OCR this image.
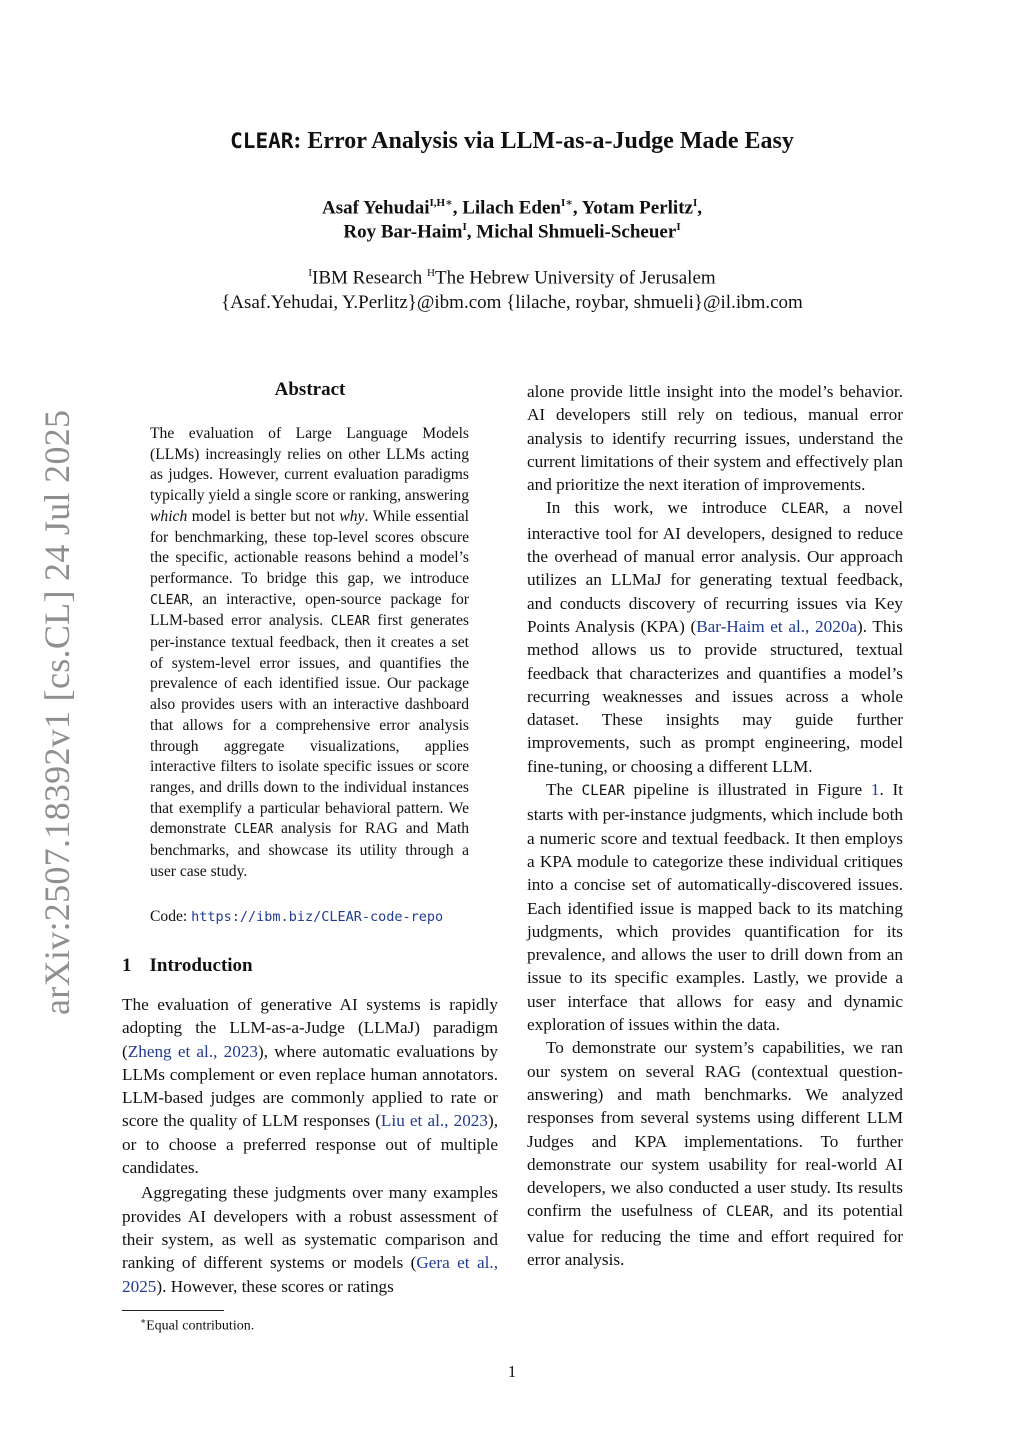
arXiv:2507.18392v1 [cs.CL] 24 Jul 2025
CLEAR: Error Analysis via LLM-as-a-Judge Made Easy
Asaf Yehudai$^{I,H∗}$, Lilach Eden$^{I∗}$, Yotam Perlitz$^I$,
Roy Bar-Haim$^I$, Michal Shmueli-Scheuer$^I$
$^I$IBM Research $^H$The Hebrew University of Jerusalem
{Asaf.Yehudai, Y.Perlitz}@ibm.com {lilache, roybar, shmueli}@il.ibm.com
Abstract
The evaluation of Large Language Models (LLMs) increasingly relies on other LLMs acting as judges. However, current evaluation paradigms typically yield a single score or ranking, answering which model is better but not why. While essential for benchmarking, these top-level scores obscure the specific, actionable reasons behind a model’s performance. To bridge this gap, we introduce CLEAR, an interactive, open-source package for LLM-based error analysis. CLEAR first generates per-instance textual feedback, then it creates a set of system-level error issues, and quantifies the prevalence of each identified issue. Our package also provides users with an interactive dashboard that allows for a comprehensive error analysis through aggregate visualizations, applies interactive filters to isolate specific issues or score ranges, and drills down to the individual instances that exemplify a particular behavioral pattern. We demonstrate CLEAR analysis for RAG and Math benchmarks, and showcase its utility through a user case study.
Code: https://ibm.biz/CLEAR-code-repo
1 Introduction

The evaluation of generative AI systems is rapidly adopting the LLM-as-a-Judge (LLMaJ) paradigm (Zheng et al., 2023), where automatic evaluations by LLMs complement or even replace human annotators. LLM-based judges are commonly applied to rate or score the quality of LLM responses (Liu et al., 2023), or to choose a preferred response out of multiple candidates.

Aggregating these judgments over many examples provides AI developers with a robust assessment of their system, as well as systematic comparison and ranking of different systems or models (Gera et al., 2025). However, these scores or ratings

alone provide little insight into the model’s behavior. AI developers still rely on tedious, manual error analysis to identify recurring issues, understand the current limitations of their system and effectively plan and prioritize the next iteration of improvements.

In this work, we introduce CLEAR, a novel interactive tool for AI developers, designed to reduce the overhead of manual error analysis. Our approach utilizes an LLMaJ for generating textual feedback, and conducts discovery of recurring issues via Key Points Analysis (KPA) (Bar-Haim et al., 2020a). This method allows us to provide structured, textual feedback that characterizes and quantifies a model’s recurring weaknesses and issues across a whole dataset. These insights may guide further improvements, such as prompt engineering, model fine-tuning, or choosing a different LLM.

The CLEAR pipeline is illustrated in Figure 1. It starts with per-instance judgments, which include both a numeric score and textual feedback. It then employs a KPA module to categorize these individual critiques into a concise set of automatically-discovered issues. Each identified issue is mapped back to its matching judgments, which provides quantification for its prevalence, and allows the user to drill down from an issue to its specific examples. Lastly, we provide a user interface that allows for easy and dynamic exploration of issues within the data.

To demonstrate our system’s capabilities, we ran our system on several RAG (contextual question-answering) and math benchmarks. We analyzed responses from several systems using different LLM Judges and KPA implementations. To further demonstrate our system usability for real-world AI developers, we also conducted a user study. Its results confirm the usefulness of CLEAR, and its potential value for reducing the time and effort required for error analysis.

∗Equal contribution.
1
